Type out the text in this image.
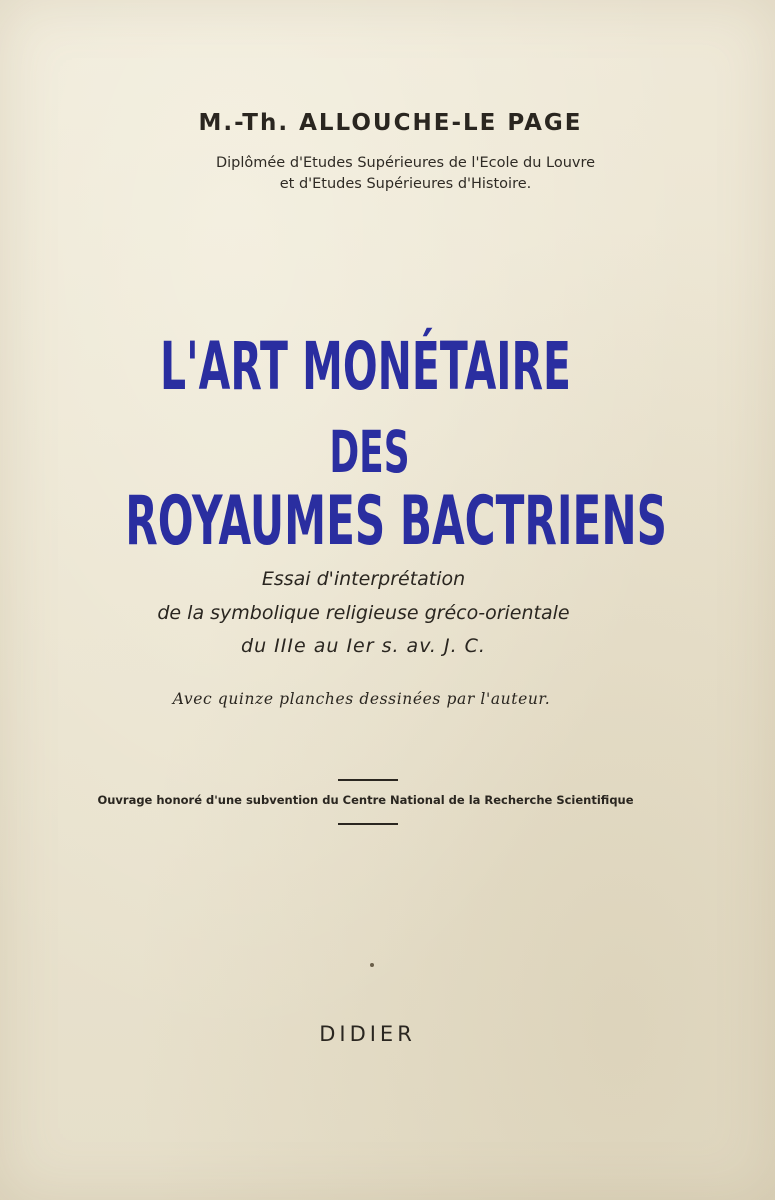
M.-Th. ALLOUCHE-LE PAGE
Diplômée d'Etudes Supérieures de l'Ecole du Louvre
et d'Etudes Supérieures d'Histoire.
L'ART MONÉTAIRE
DES
ROYAUMES BACTRIENS
Essai d'interprétation
de la symbolique religieuse gréco-orientale
du IIIe au Ier s. av. J. C.
Avec quinze planches dessinées par l'auteur.
Ouvrage honoré d'une subvention du Centre National de la Recherche Scientifique
DIDIER
